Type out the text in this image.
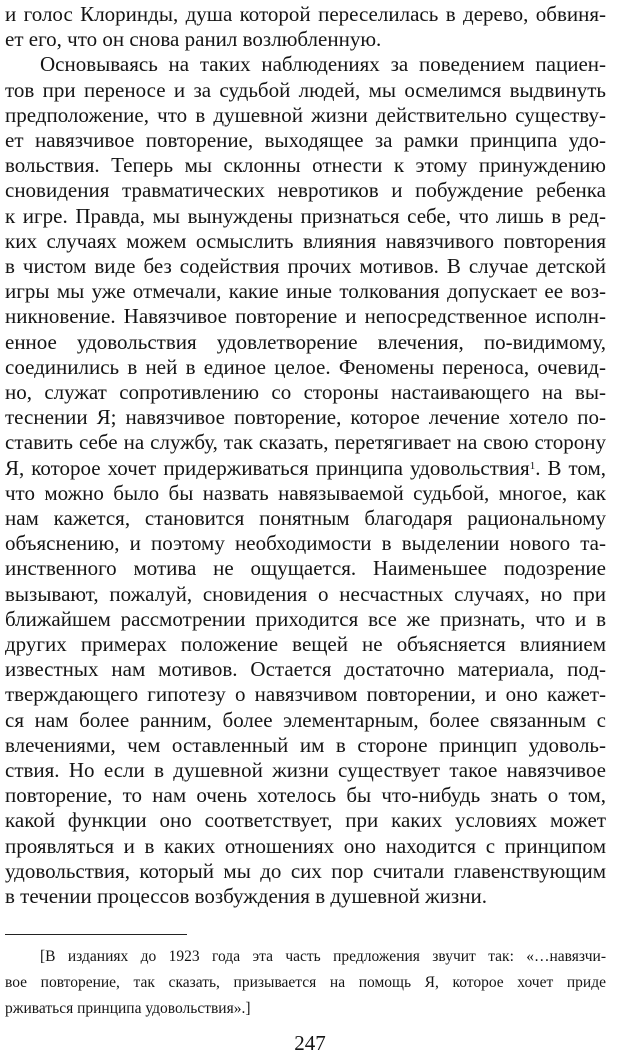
и голос Клоринды, душа которой переселилась в дерево, обвиня-
ет его, что он снова ранил возлюбленную.
Основываясь на таких наблюдениях за поведением пациен-
тов при переносе и за судьбой людей, мы осмелимся выдвинуть
предположение, что в душевной жизни действительно существу-
ет навязчивое повторение, выходящее за рамки принципа удо-
вольствия. Теперь мы склонны отнести к этому принуждению
сновидения травматических невротиков и побуждение ребенка
к игре. Правда, мы вынуждены признаться себе, что лишь в ред-
ких случаях можем осмыслить влияния навязчивого повторения
в чистом виде без содействия прочих мотивов. В случае детской
игры мы уже отмечали, какие иные толкования допускает ее воз-
никновение. Навязчивое повторение и непосредственное исполн-
енное удовольствия удовлетворение влечения, по-видимому,
соединились в ней в единое целое. Феномены переноса, очевид-
но, служат сопротивлению со стороны настаивающего на вы-
теснении Я; навязчивое повторение, которое лечение хотело по-
ставить себе на службу, так сказать, перетягивает на свою сторону
Я, которое хочет придерживаться принципа удовольствия$^1$. В том,
что можно было бы назвать навязываемой судьбой, многое, как
нам кажется, становится понятным благодаря рациональному
объяснению, и поэтому необходимости в выделении нового та-
инственного мотива не ощущается. Наименьшее подозрение
вызывают, пожалуй, сновидения о несчастных случаях, но при
ближайшем рассмотрении приходится все же признать, что и в
других примерах положение вещей не объясняется влиянием
известных нам мотивов. Остается достаточно материала, под-
тверждающего гипотезу о навязчивом повторении, и оно кажет-
ся нам более ранним, более элементарным, более связанным с
влечениями, чем оставленный им в стороне принцип удоволь-
ствия. Но если в душевной жизни существует такое навязчивое
повторение, то нам очень хотелось бы что-нибудь знать о том,
какой функции оно соответствует, при каких условиях может
[В изданиях до 1923 года эта часть предложения звучит так: «…навязчи-
вое повторение, так сказать, призывается на помощь Я, которое хочет приде
рживаться принципа удовольствия».]
247
проявляться и в каких отношениях оно находится с принципом
удовольствия, который мы до сих пор считали главенствующим
в течении процессов возбуждения в душевной жизни.
